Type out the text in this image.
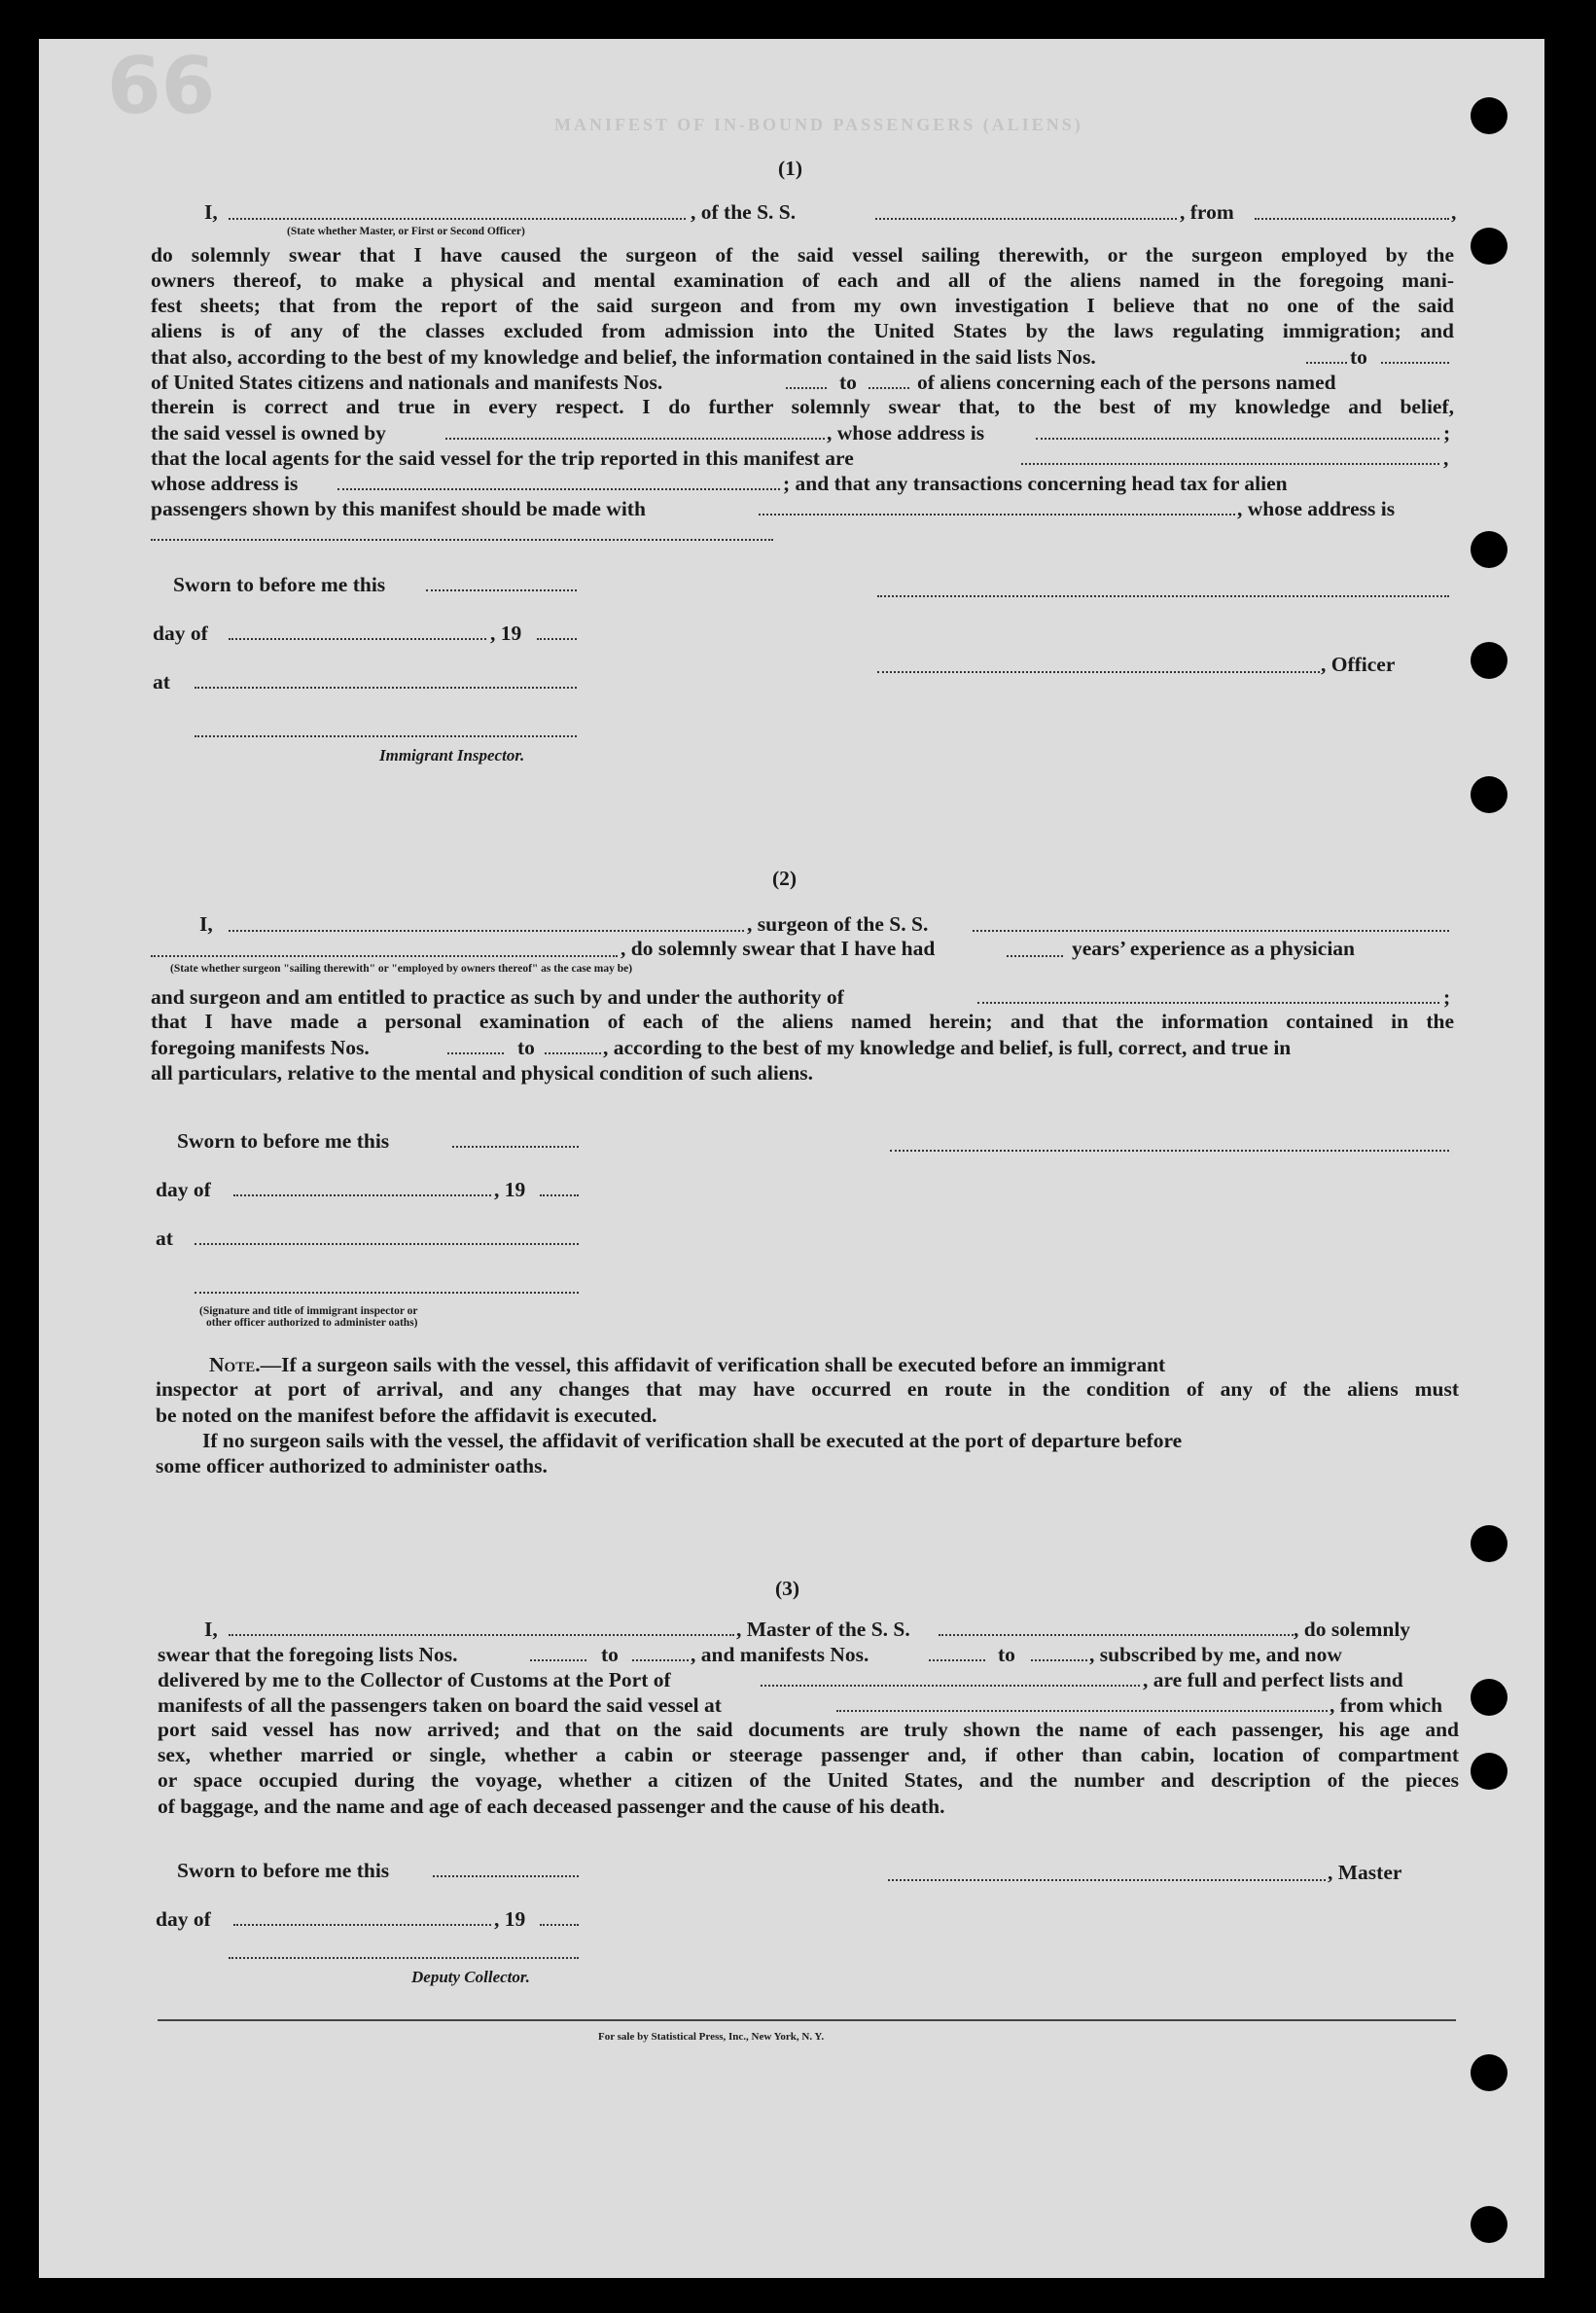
66	MANIFEST OF IN-BOUND PASSENGERS (ALIENS)
(1)
I,
(State whether Master, or First or Second Officer)
, of the S. S.	, from	,
do solemnly swear that I have caused the surgeon of the said vessel sailing therewith, or the surgeon employed by the
owners thereof, to make a physical and mental examination of each and all of the aliens named in the foregoing mani-
fest sheets; that from the report of the said surgeon and from my own investigation I believe that no one of the said
aliens is of any of the classes excluded from admission into the United States by the laws regulating immigration; and
that also, according to the best of my knowledge and belief, the information contained in the said lists Nos.	to
of United States citizens and nationals and manifests Nos.	to	of aliens concerning each of the persons named
therein is correct and true in every respect. I do further solemnly swear that, to the best of my knowledge and belief,
the said vessel is owned by	, whose address is	;
that the local agents for the said vessel for the trip reported in this manifest are	,
whose address is	; and that any transactions concerning head tax for alien
passengers shown by this manifest should be made with	, whose address is
Sworn to before me this
day of	, 19
at
Immigrant Inspector.
, Officer
(2)
I,	, surgeon of the S. S.
, do solemnly swear that I have had	years’ experience as a physician
(State whether surgeon "sailing therewith" or "employed by owners thereof" as the case may be)
and surgeon and am entitled to practice as such by and under the authority of	;
that I have made a personal examination of each of the aliens named herein; and that the information contained in the
foregoing manifests Nos.	to	, according to the best of my knowledge and belief, is full, correct, and true in
all particulars, relative to the mental and physical condition of such aliens.
Sworn to before me this
day of	, 19
at
(Signature and title of immigrant inspector or
other officer authorized to administer oaths)
Note.—If a surgeon sails with the vessel, this affidavit of verification shall be executed before an immigrant
inspector at port of arrival, and any changes that may have occurred en route in the condition of any of the aliens must
be noted on the manifest before the affidavit is executed.
If no surgeon sails with the vessel, the affidavit of verification shall be executed at the port of departure before
some officer authorized to administer oaths.
(3)
I,	, Master of the S. S.	, do solemnly
swear that the foregoing lists Nos.	to	, and manifests Nos.	to	, subscribed by me, and now
delivered by me to the Collector of Customs at the Port of	, are full and perfect lists and
manifests of all the passengers taken on board the said vessel at	, from which
port said vessel has now arrived; and that on the said documents are truly shown the name of each passenger, his age and
sex, whether married or single, whether a cabin or steerage passenger and, if other than cabin, location of compartment
or space occupied during the voyage, whether a citizen of the United States, and the number and description of the pieces
of baggage, and the name and age of each deceased passenger and the cause of his death.
Sworn to before me this	, Master
day of	, 19
Deputy Collector.
For sale by Statistical Press, Inc., New York, N. Y.
